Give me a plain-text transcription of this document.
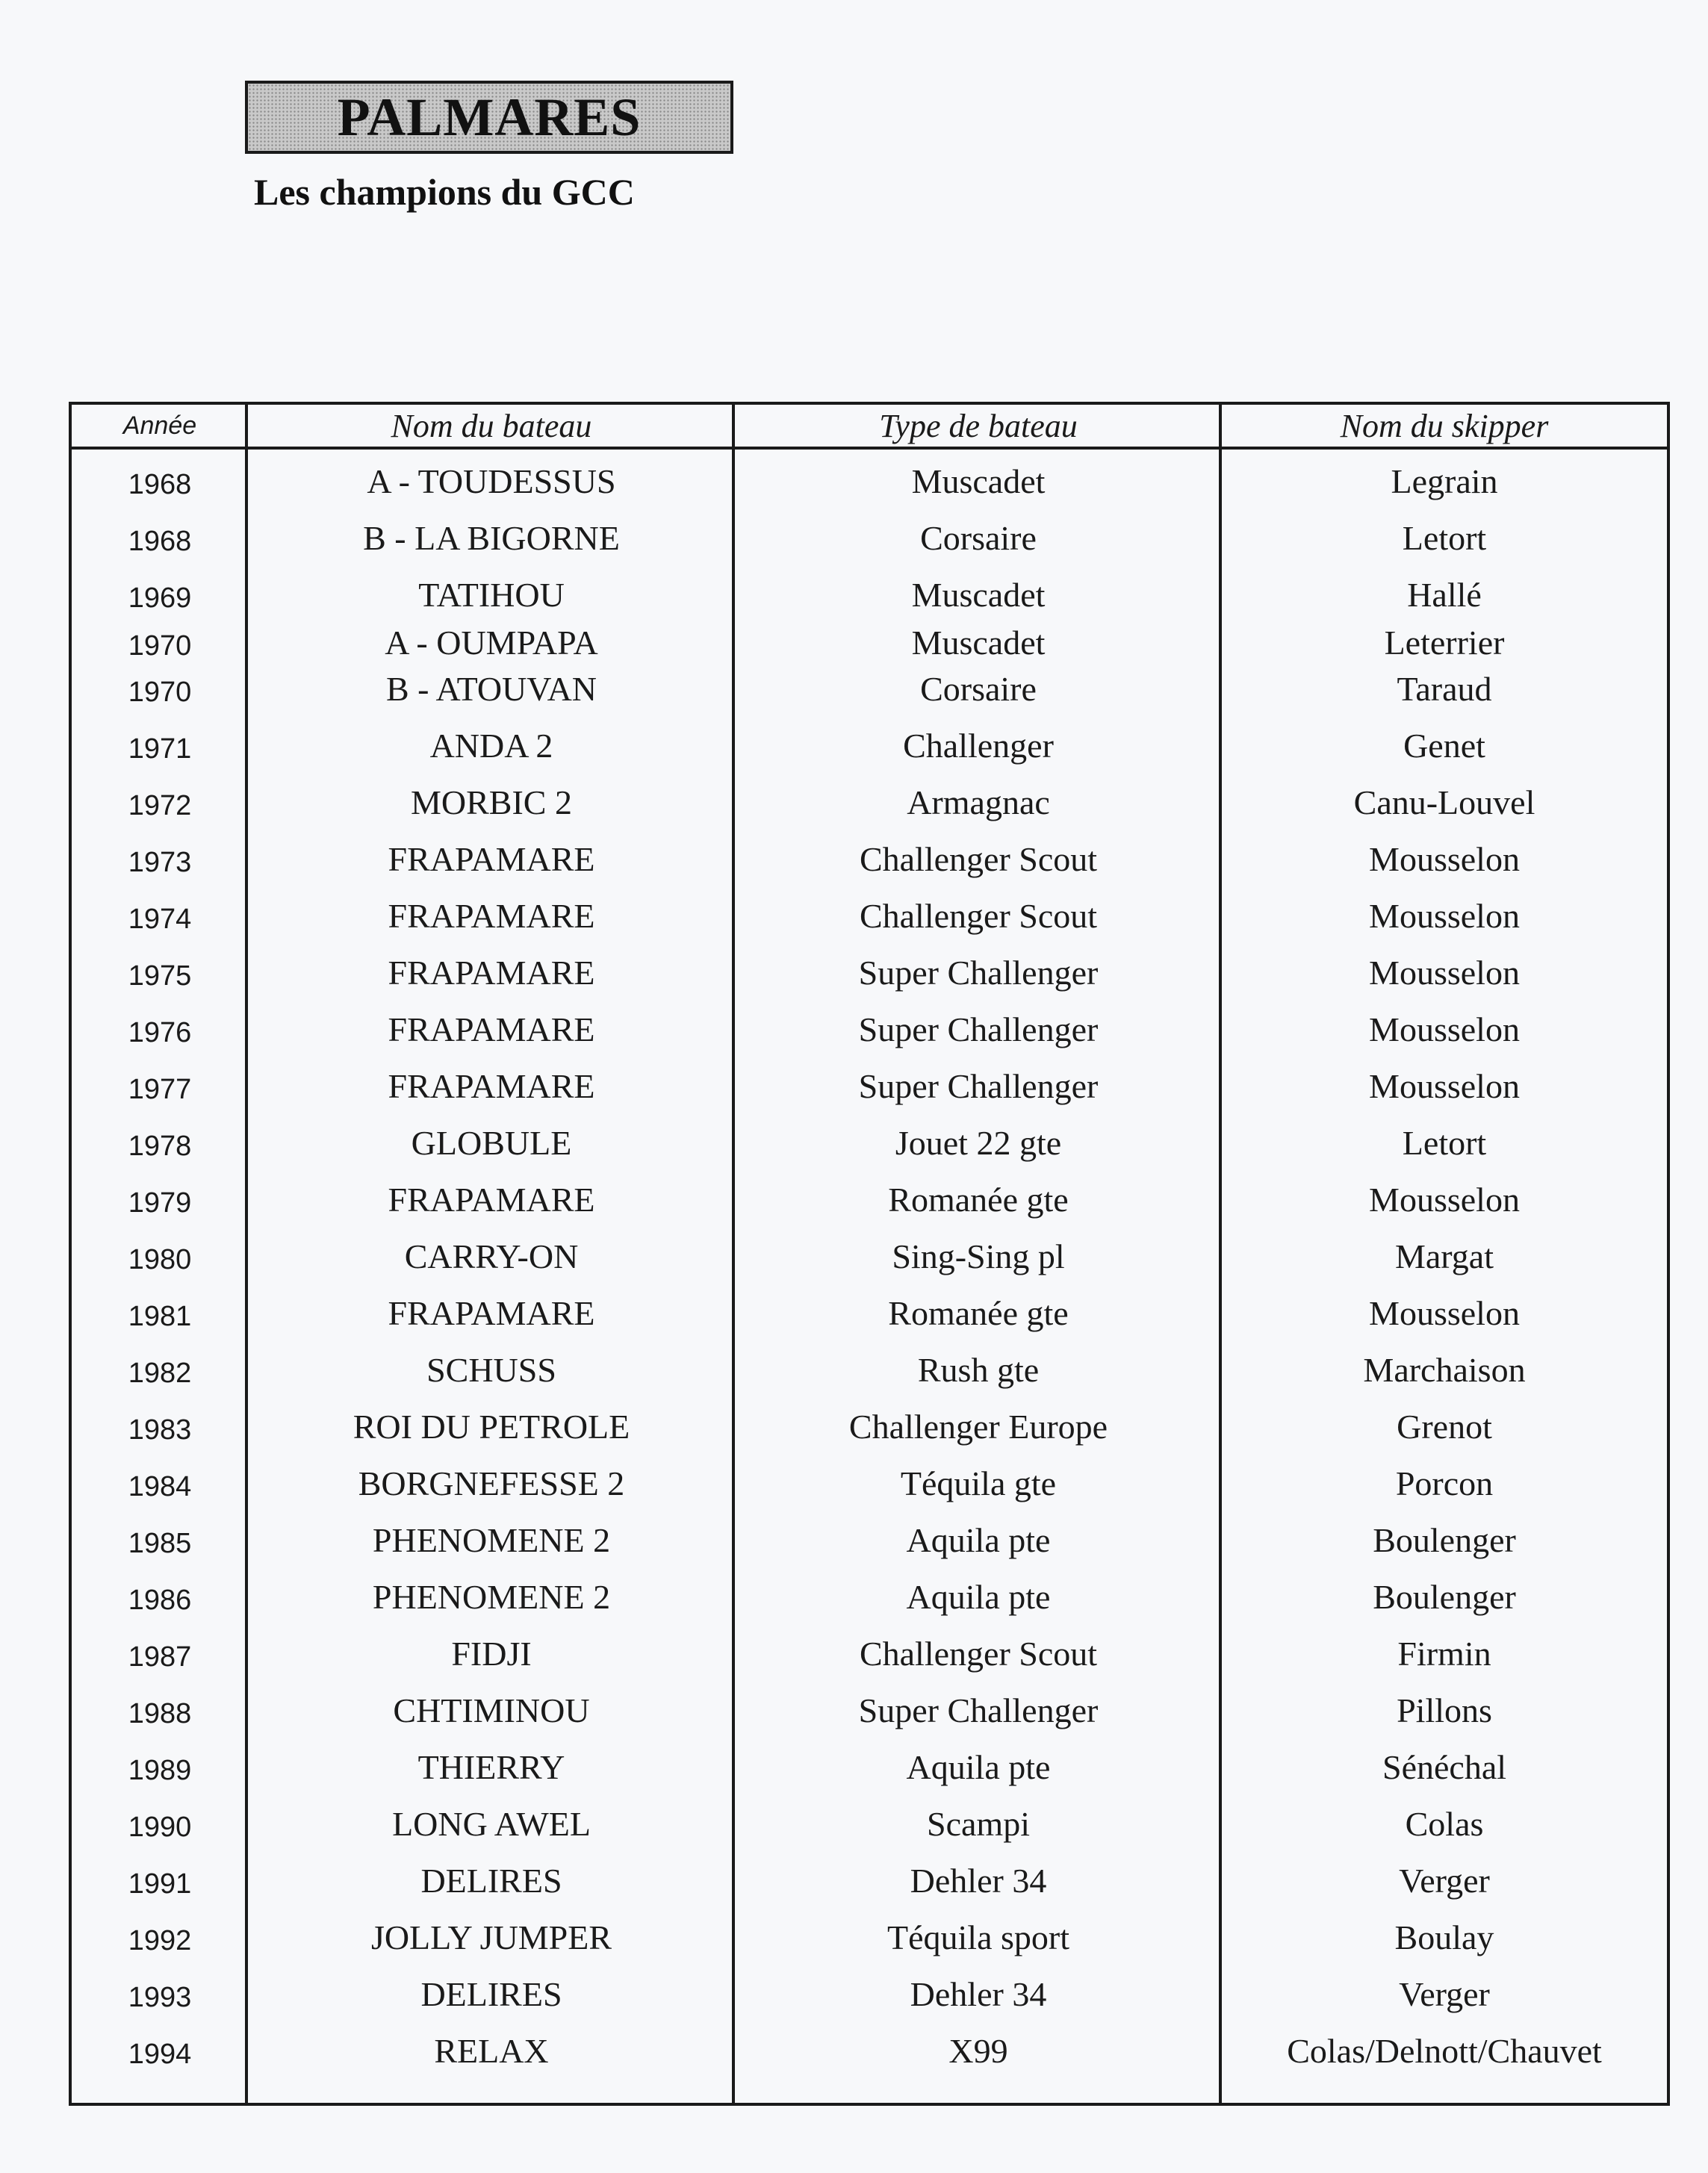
PALMARES
Les champions du GCC
Année	Nom du bateau	Type de bateau	Nom du skipper
1968	A - TOUDESSUS	Muscadet	Legrain
1968	B - LA BIGORNE	Corsaire	Letort
1969	TATIHOU	Muscadet	Hallé
1970	A - OUMPAPA	Muscadet	Leterrier
1970	B - ATOUVAN	Corsaire	Taraud
1971	ANDA 2	Challenger	Genet
1972	MORBIC 2	Armagnac	Canu-Louvel
1973	FRAPAMARE	Challenger Scout	Mousselon
1974	FRAPAMARE	Challenger Scout	Mousselon
1975	FRAPAMARE	Super Challenger	Mousselon
1976	FRAPAMARE	Super Challenger	Mousselon
1977	FRAPAMARE	Super Challenger	Mousselon
1978	GLOBULE	Jouet 22 gte	Letort
1979	FRAPAMARE	Romanée gte	Mousselon
1980	CARRY-ON	Sing-Sing pl	Margat
1981	FRAPAMARE	Romanée gte	Mousselon
1982	SCHUSS	Rush gte	Marchaison
1983	ROI DU PETROLE	Challenger Europe	Grenot
1984	BORGNEFESSE 2	Téquila gte	Porcon
1985	PHENOMENE 2	Aquila pte	Boulenger
1986	PHENOMENE 2	Aquila pte	Boulenger
1987	FIDJI	Challenger Scout	Firmin
1988	CHTIMINOU	Super Challenger	Pillons
1989	THIERRY	Aquila pte	Sénéchal
1990	LONG AWEL	Scampi	Colas
1991	DELIRES	Dehler 34	Verger
1992	JOLLY JUMPER	Téquila sport	Boulay
1993	DELIRES	Dehler 34	Verger
1994	RELAX	X99	Colas/Delnott/Chauvet
